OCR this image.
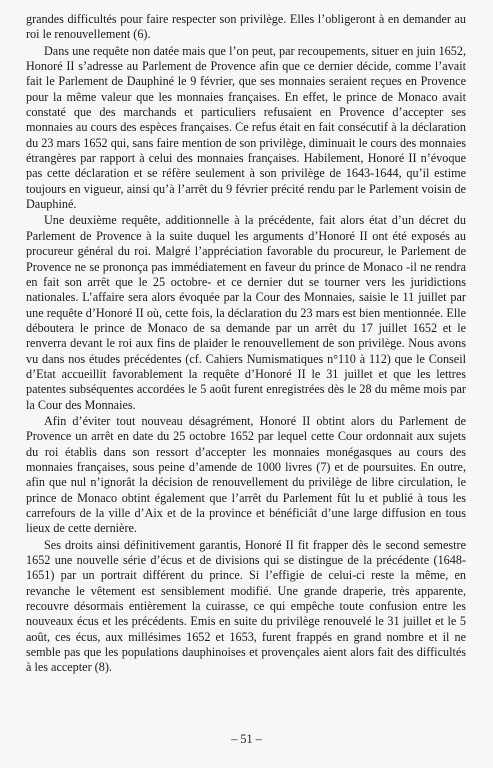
grandes difficultés pour faire respecter son privilège. Elles l’obligeront à en demander au roi le renouvellement (6).

Dans une requête non datée mais que l’on peut, par recoupements, situer en juin 1652, Honoré II s’adresse au Parlement de Provence afin que ce dernier décide, comme l’avait fait le Parlement de Dauphiné le 9 février, que ses monnaies seraient reçues en Provence pour la même valeur que les monnaies françaises. En effet, le prince de Monaco avait constaté que des marchands et particuliers refusaient en Provence d’accepter ses monnaies au cours des espèces françaises. Ce refus était en fait consécutif à la déclaration du 23 mars 1652 qui, sans faire mention de son privilège, diminuait le cours des monnaies étrangères par rapport à celui des monnaies françaises. Habilement, Honoré II n’évoque pas cette déclaration et se réfère seulement à son privilège de 1643-1644, qu’il estime toujours en vigueur, ainsi qu’à l’arrêt du 9 février précité rendu par le Parlement voisin de Dauphiné.

Une deuxième requête, additionnelle à la précédente, fait alors état d’un décret du Parlement de Provence à la suite duquel les arguments d’Honoré II ont été exposés au procureur général du roi. Malgré l’appréciation favorable du procureur, le Parlement de Provence ne se prononça pas immédiatement en faveur du prince de Monaco -il ne rendra en fait son arrêt que le 25 octobre- et ce dernier dut se tourner vers les juridictions nationales. L’affaire sera alors évoquée par la Cour des Monnaies, saisie le 11 juillet par une requête d’Honoré II où, cette fois, la déclaration du 23 mars est bien mentionnée. Elle déboutera le prince de Monaco de sa demande par un arrêt du 17 juillet 1652 et le renverra devant le roi aux fins de plaider le renouvellement de son privilège. Nous avons vu dans nos études précédentes (cf. Cahiers Numismatiques n°110 à 112) que le Conseil d’Etat accueillit favorablement la requête d’Honoré II le 31 juillet et que les lettres patentes subséquentes accordées le 5 août furent enregistrées dès le 28 du même mois par la Cour des Monnaies.

Afin d’éviter tout nouveau désagrément, Honoré II obtint alors du Parlement de Provence un arrêt en date du 25 octobre 1652 par lequel cette Cour ordonnait aux sujets du roi établis dans son ressort d’accepter les monnaies monégasques au cours des monnaies françaises, sous peine d’amende de 1000 livres (7) et de poursuites. En outre, afin que nul n’ignorât la décision de renouvellement du privilège de libre circulation, le prince de Monaco obtint également que l’arrêt du Parlement fût lu et publié à tous les carrefours de la ville d’Aix et de la province et bénéficiât d’une large diffusion en tous lieux de cette dernière.

Ses droits ainsi définitivement garantis, Honoré II fit frapper dès le second semestre 1652 une nouvelle série d’écus et de divisions qui se distingue de la précédente (1648-1651) par un portrait différent du prince. Si l’effigie de celui-ci reste la même, en revanche le vêtement est sensiblement modifié. Une grande draperie, très apparente, recouvre désormais entièrement la cuirasse, ce qui empêche toute confusion entre les nouveaux écus et les précédents. Emis en suite du privilège renouvelé le 31 juillet et le 5 août, ces écus, aux millésimes 1652 et 1653, furent frappés en grand nombre et il ne semble pas que les populations dauphinoises et provençales aient alors fait des difficultés à les accepter (8).

– 51 –
